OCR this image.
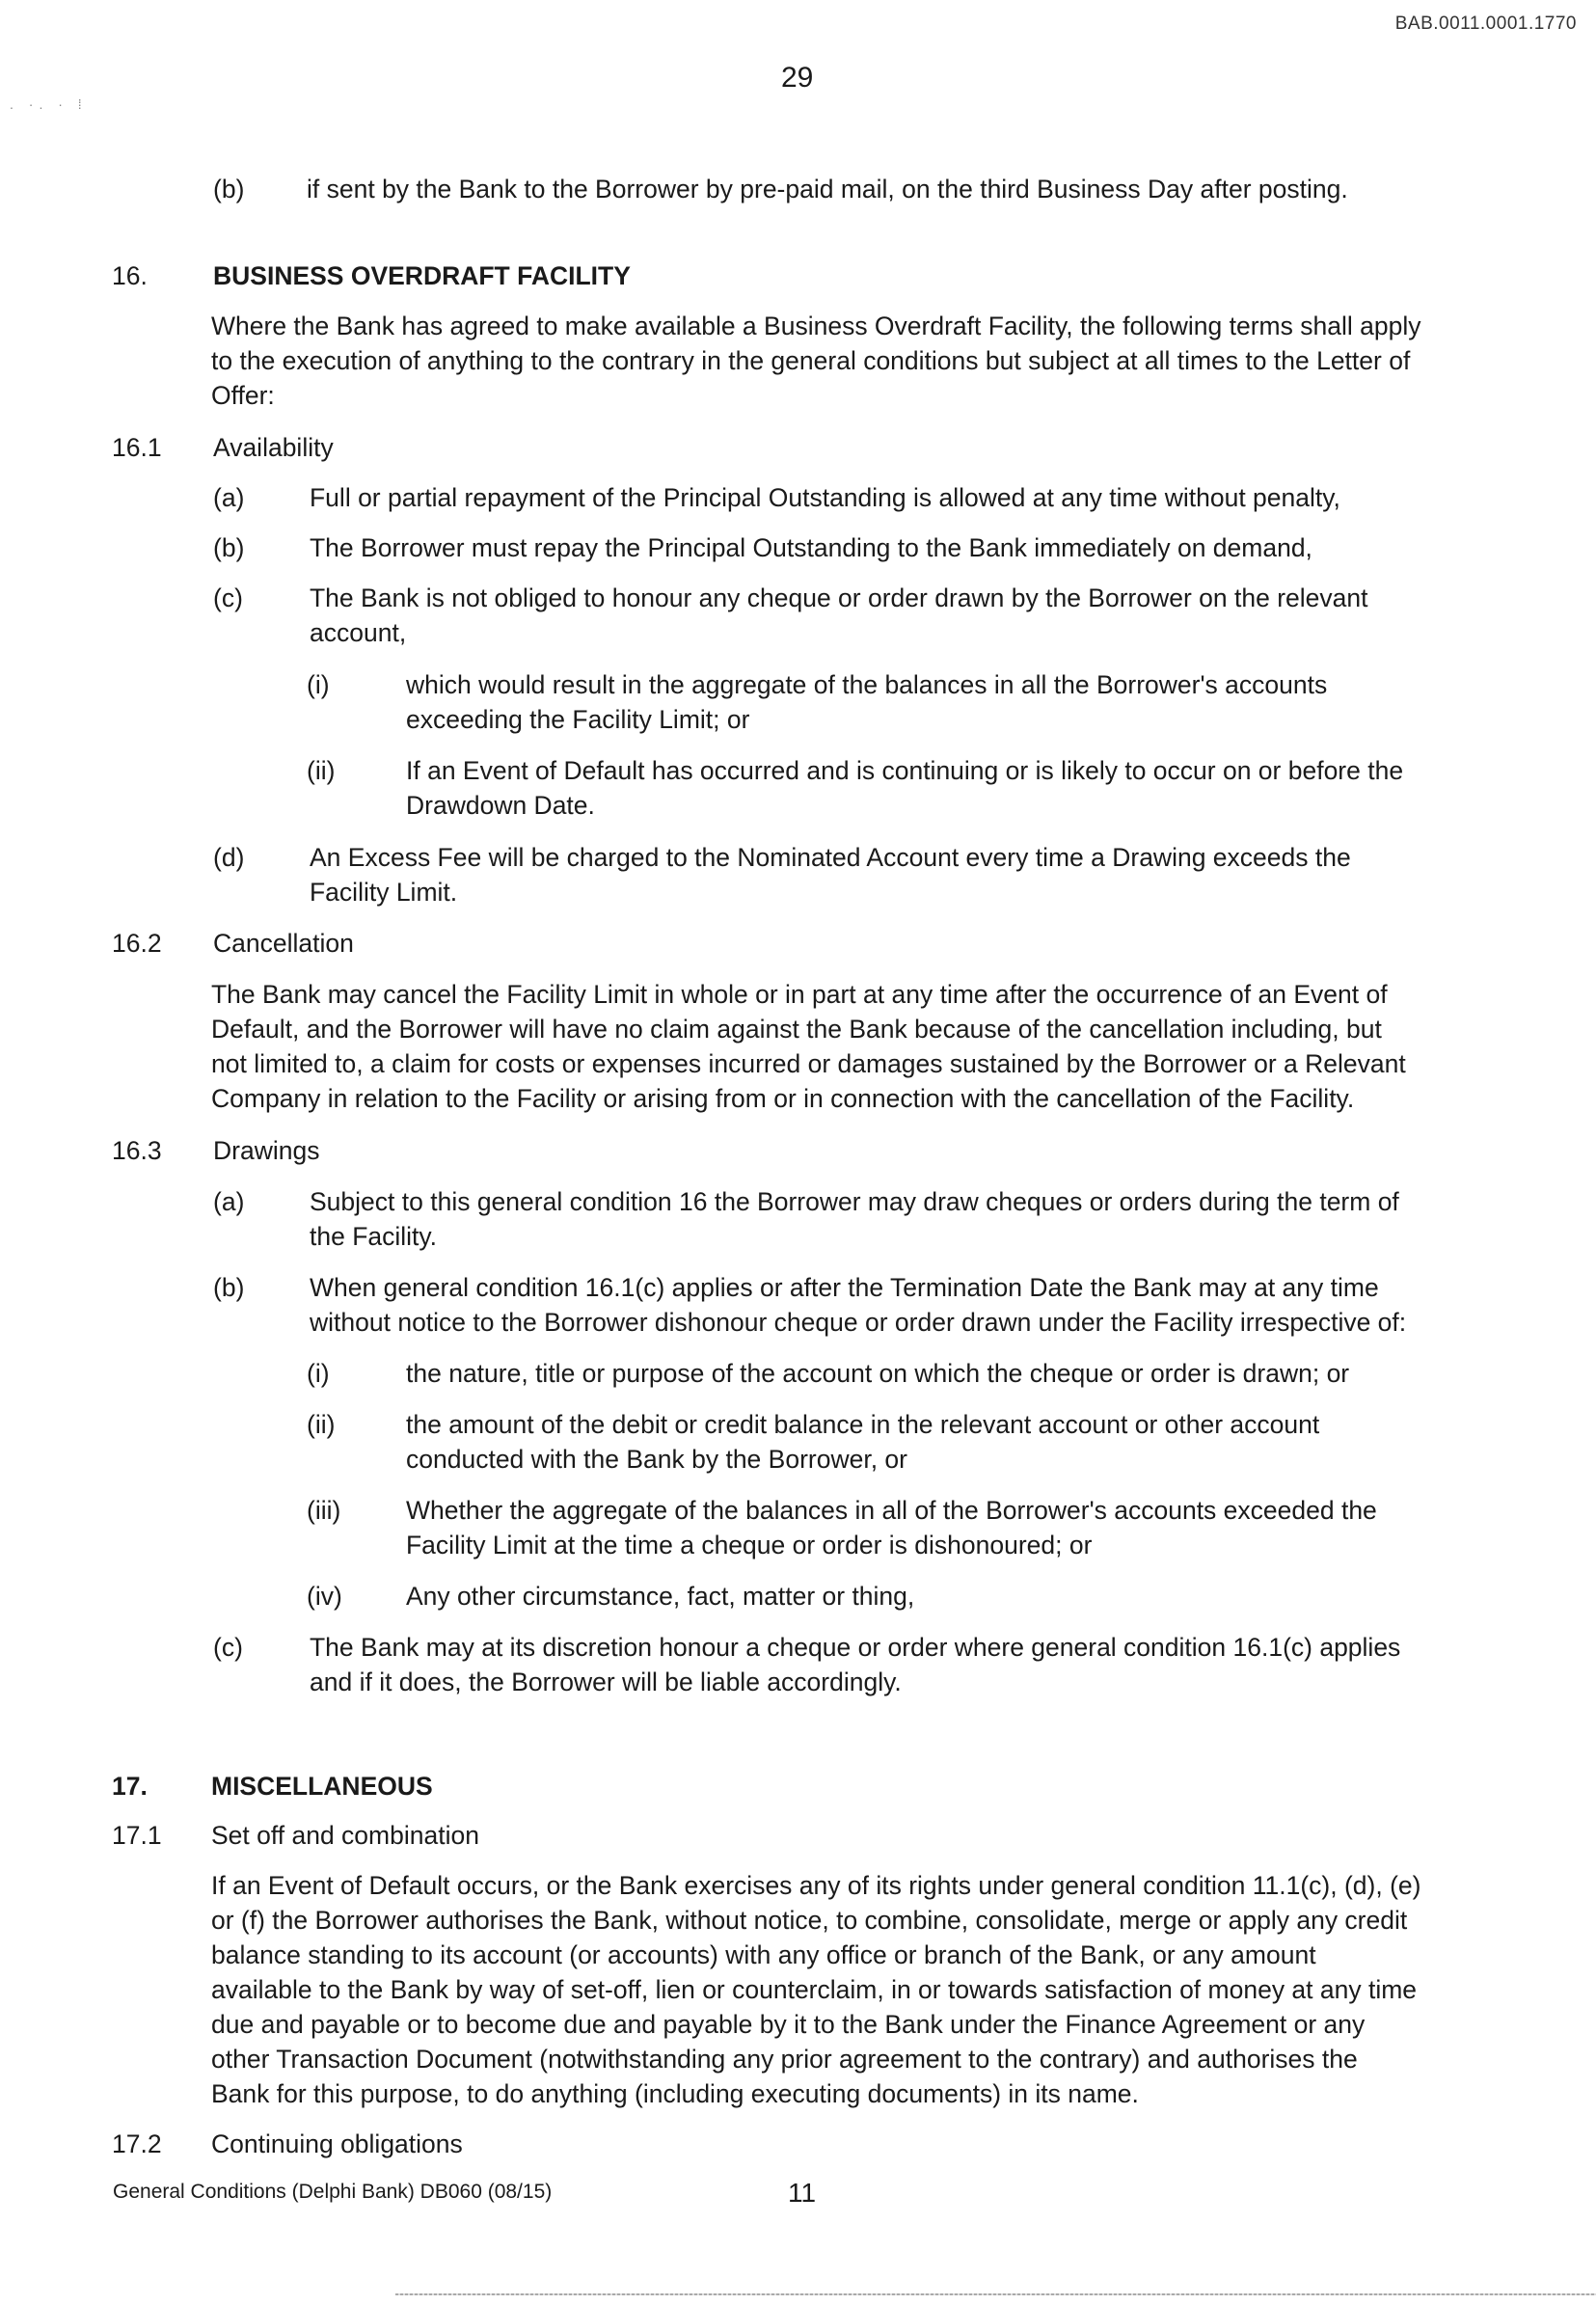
BAB.0011.0001.1770
29
. ·. · ⁞
(b) if sent by the Bank to the Borrower by pre-paid mail, on the third Business Day after posting.
16.	BUSINESS OVERDRAFT FACILITY
Where the Bank has agreed to make available a Business Overdraft Facility, the following terms shall apply
to the execution of anything to the contrary in the general conditions but subject at all times to the Letter of
Offer:
16.1 Availability
(a)	Full or partial repayment of the Principal Outstanding is allowed at any time without penalty,
(b)	The Borrower must repay the Principal Outstanding to the Bank immediately on demand,
(c)	The Bank is not obliged to honour any cheque or order drawn by the Borrower on the relevant
account,
(i)	which would result in the aggregate of the balances in all the Borrower's accounts
exceeding the Facility Limit; or
(ii)	If an Event of Default has occurred and is continuing or is likely to occur on or before the
Drawdown Date.
(d)	An Excess Fee will be charged to the Nominated Account every time a Drawing exceeds the
Facility Limit.
16.2 Cancellation
The Bank may cancel the Facility Limit in whole or in part at any time after the occurrence of an Event of
Default, and the Borrower will have no claim against the Bank because of the cancellation including, but
not limited to, a claim for costs or expenses incurred or damages sustained by the Borrower or a Relevant
Company in relation to the Facility or arising from or in connection with the cancellation of the Facility.
16.3 Drawings
(a)	Subject to this general condition 16 the Borrower may draw cheques or orders during the term of
the Facility.
(b)	When general condition 16.1(c) applies or after the Termination Date the Bank may at any time
without notice to the Borrower dishonour cheque or order drawn under the Facility irrespective of:
(i)	the nature, title or purpose of the account on which the cheque or order is drawn; or
(ii)	the amount of the debit or credit balance in the relevant account or other account
conducted with the Bank by the Borrower, or
(iii)	Whether the aggregate of the balances in all of the Borrower's accounts exceeded the
Facility Limit at the time a cheque or order is dishonoured; or
(iv) Any other circumstance, fact, matter or thing,
(c)	The Bank may at its discretion honour a cheque or order where general condition 16.1(c) applies
and if it does, the Borrower will be liable accordingly.
17. MISCELLANEOUS
17.1 Set off and combination
If an Event of Default occurs, or the Bank exercises any of its rights under general condition 11.1(c), (d), (e)
or (f) the Borrower authorises the Bank, without notice, to combine, consolidate, merge or apply any credit
balance standing to its account (or accounts) with any office or branch of the Bank, or any amount
available to the Bank by way of set-off, lien or counterclaim, in or towards satisfaction of money at any time
due and payable or to become due and payable by it to the Bank under the Finance Agreement or any
other Transaction Document (notwithstanding any prior agreement to the contrary) and authorises the
Bank for this purpose, to do anything (including executing documents) in its name.
17.2 Continuing obligations
General Conditions (Delphi Bank) DB060 (08/15)	11
